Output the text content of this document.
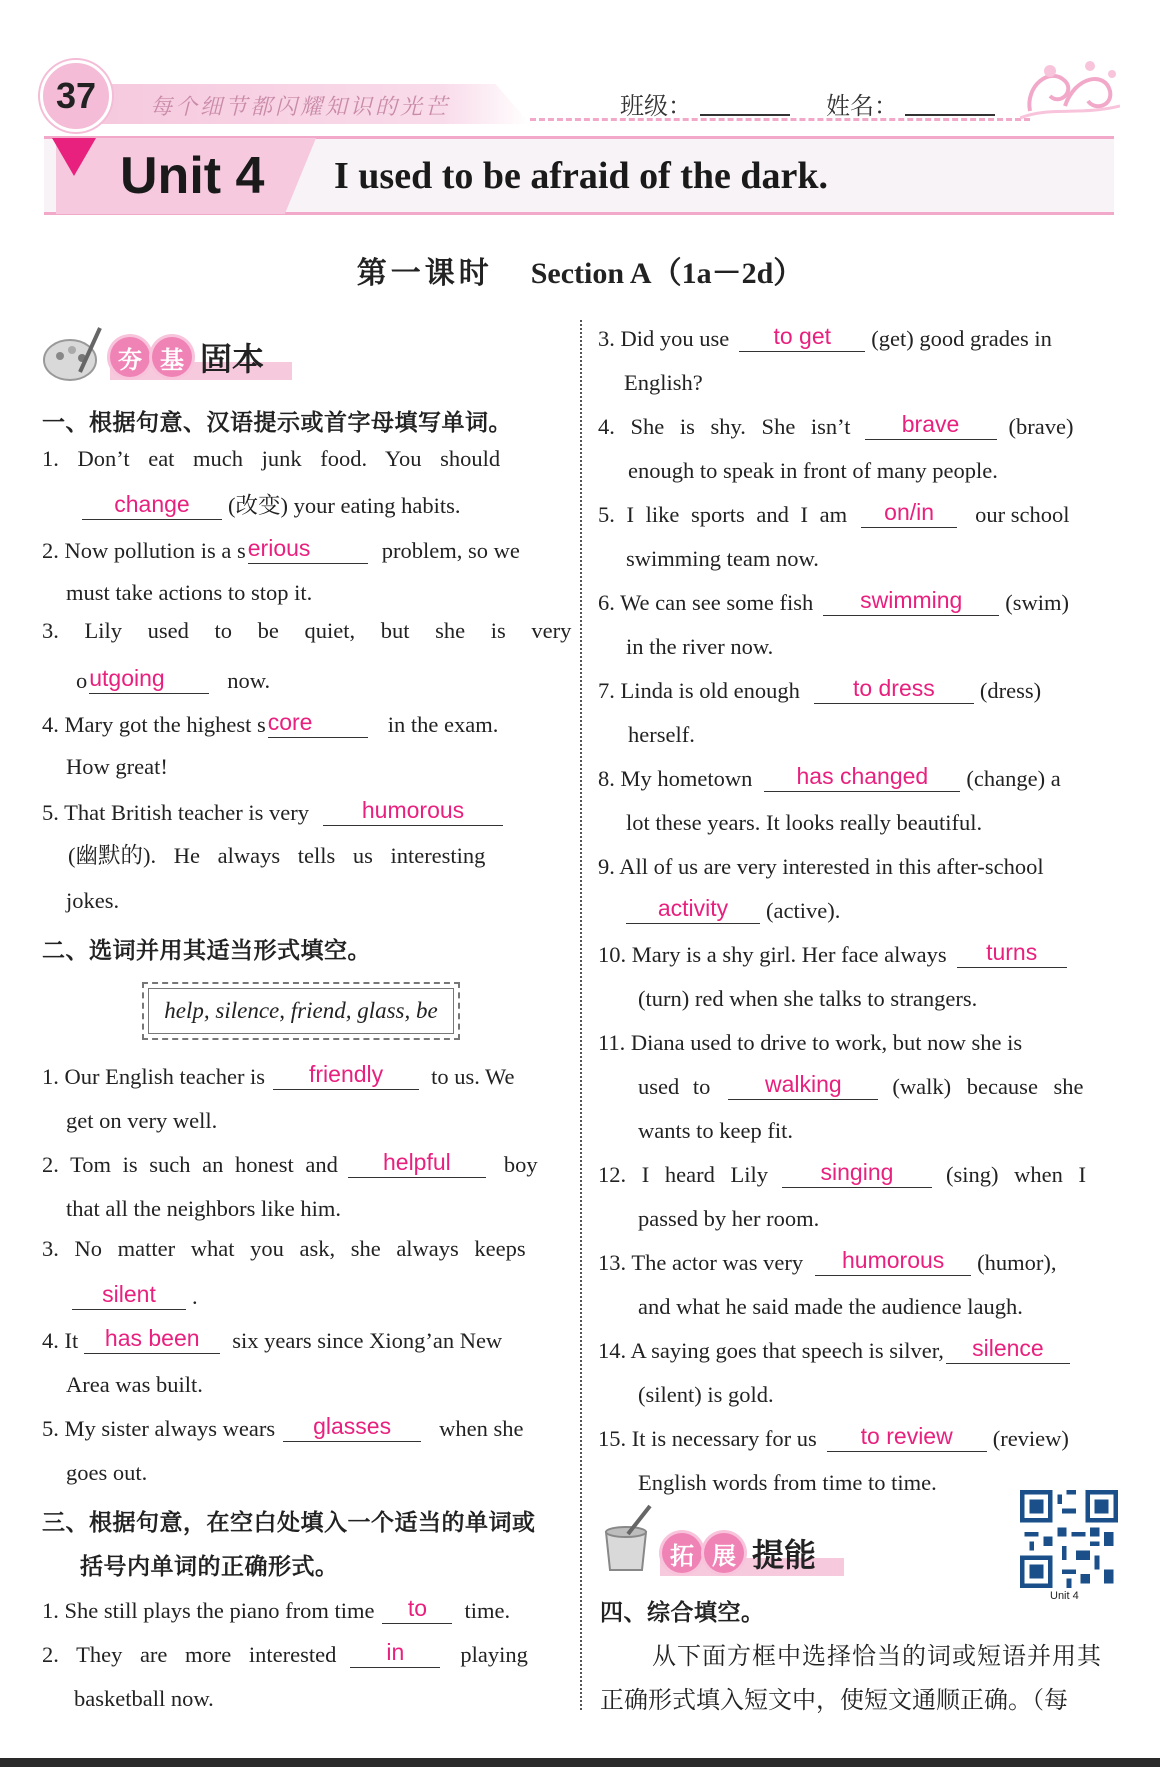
37	每个细节都闪耀知识的光芒	班级：	姓名：
Unit 4 I used to be afraid of the dark.
第一课时 Section A（1a－2d）
夯 基 固本
一、根据句意、汉语提示或首字母填写单词。
1. Don’t eat much junk food. You should
change	(改变) your eating habits.
2. Now pollution is a s erious	problem, so we
must take actions to stop it.
3. Lily used to be quiet, but she is very
o utgoing	now.
4. Mary got the highest s core	in the exam.
How great!
5. That British teacher is very	humorous
(幽默的). He always tells us interesting
jokes.
二、选词并用其适当形式填空。
help, silence, friend, glass, be
1. Our English teacher is	friendly	to us. We
get on very well.
2. Tom is such an honest and	helpful	boy
that all the neighbors like him.
3. No matter what you ask, she always keeps
silent	.
4. It	has been	six years since Xiong’an New
Area was built.
5. My sister always wears	glasses	when she
goes out.
三、根据句意，在空白处填入一个适当的单词或
括号内单词的正确形式。
1. She still plays the piano from time	to	time.
2. They are more interested	in	playing
basketball now.
3. Did you use	to get	(get) good grades in
English?
4. She is shy. She isn’t	brave	(brave)
enough to speak in front of many people.
5. I like sports and I am	on/in	our school
swimming team now.
6. We can see some fish	swimming	(swim)
in the river now.
7. Linda is old enough	to dress	(dress)
herself.
8. My hometown	has changed	(change) a
lot these years. It looks really beautiful.
9. All of us are very interested in this after-school
activity	(active).
10. Mary is a shy girl. Her face always	turns
(turn) red when she talks to strangers.
11. Diana used to drive to work, but now she is
used to	walking	(walk) because she
wants to keep fit.
12. I heard Lily	singing	(sing) when I
passed by her room.
13. The actor was very	humorous	(humor),
and what he said made the audience laugh.
14. A saying goes that speech is silver,	silence
(silent) is gold.
15. It is necessary for us	to review	(review)
English words from time to time.
拓 展 提能
Unit 4
四、综合填空。
从下面方框中选择恰当的词或短语并用其
正确形式填入短文中，使短文通顺正确。（每
